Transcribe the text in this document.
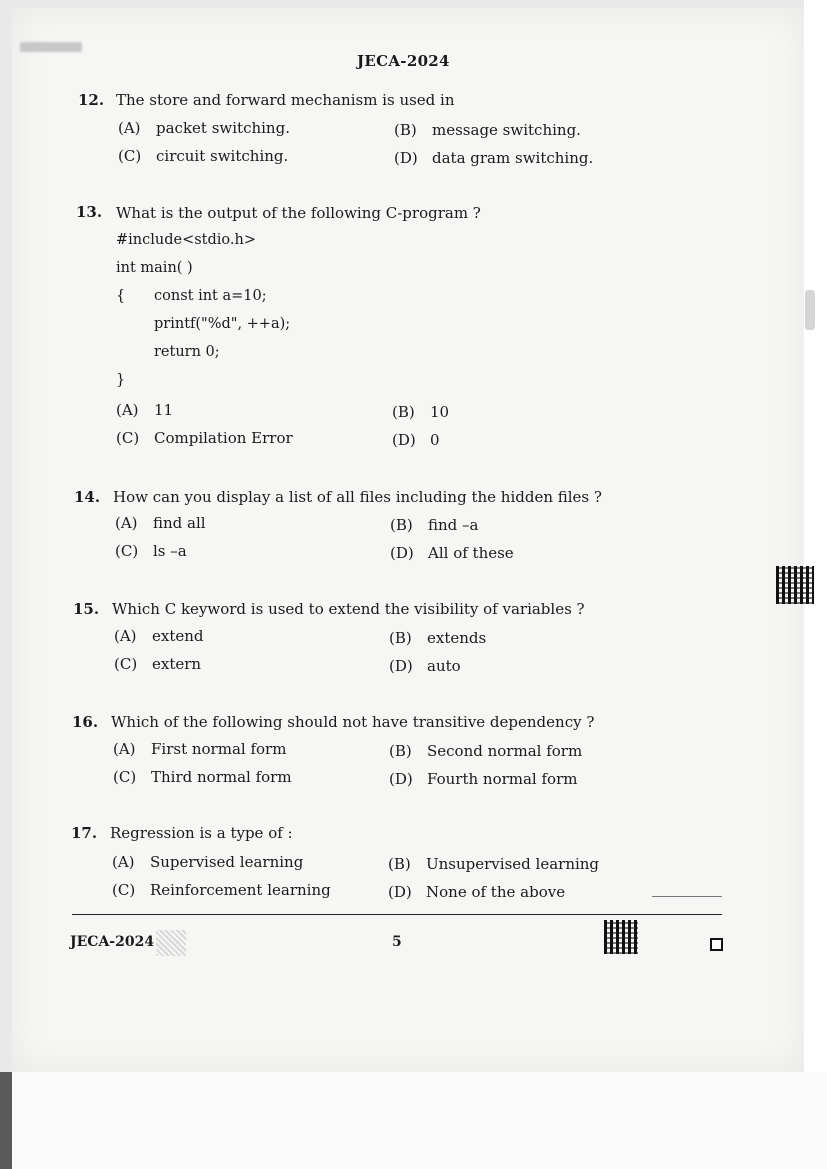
JECA-2024
12. The store and forward mechanism is used in
(A) packet switching.	(B) message switching.
(C) circuit switching.	(D) data gram switching.
13. What is the output of the following C-program ?
#include<stdio.h>
int main( )
{ const int a=10;
printf("%d", ++a);
return 0;
}
(A) 11	(B) 10
(C) Compilation Error	(D) 0
14. How can you display a list of all files including the hidden files ?
(A) find all	(B) find –a
(C) ls –a	(D) All of these
15. Which C keyword is used to extend the visibility of variables ?
(A) extend	(B) extends
(C) extern	(D) auto
16. Which of the following should not have transitive dependency ?
(A) First normal form	(B) Second normal form
(C) Third normal form	(D) Fourth normal form
17. Regression is a type of :
(A) Supervised learning	(B) Unsupervised learning
(C) Reinforcement learning	(D) None of the above
JECA-2024	5
